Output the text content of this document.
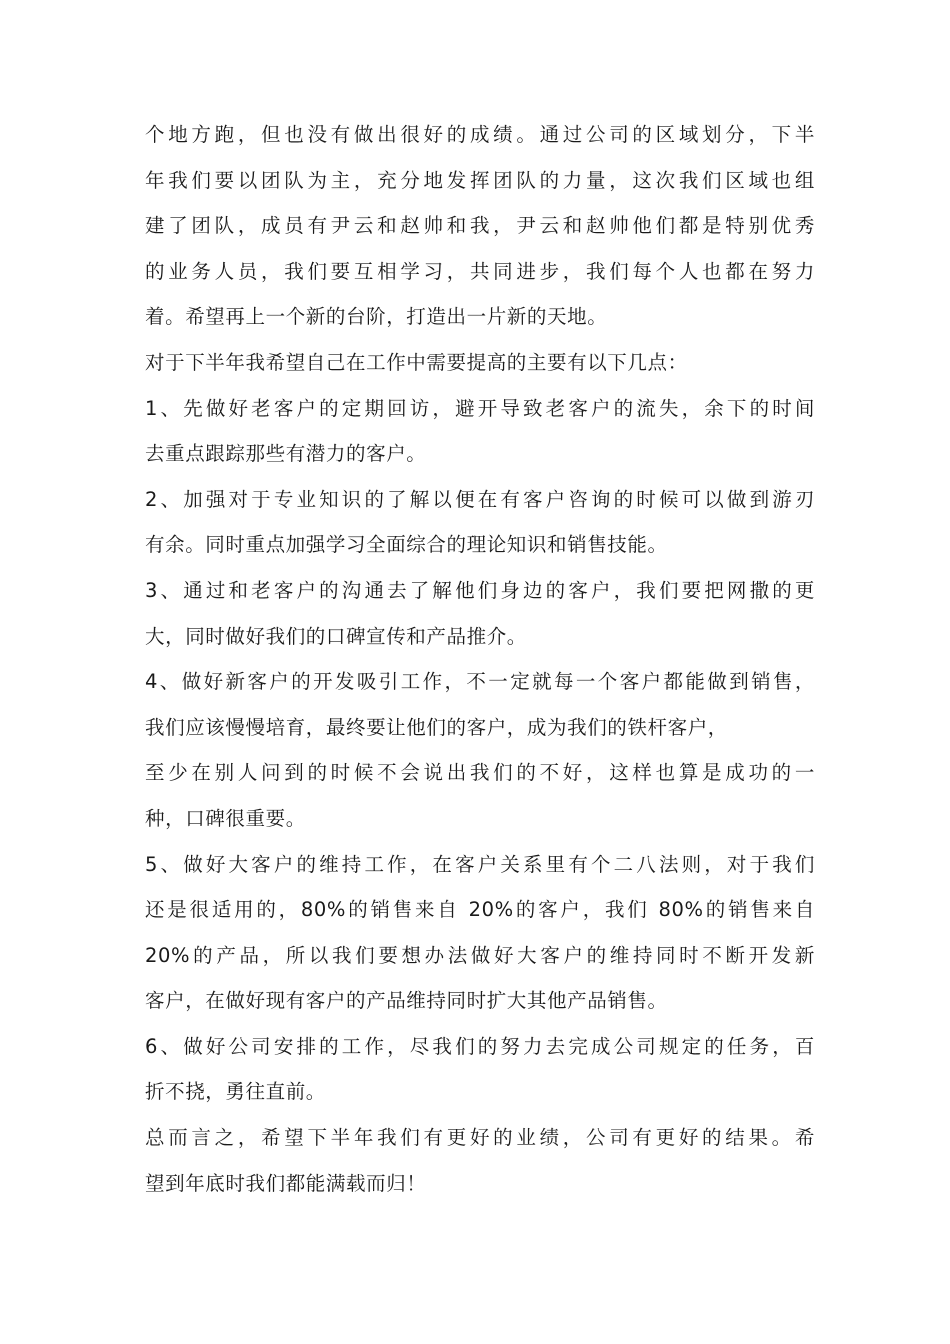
个地方跑，但也没有做出很好的成绩。通过公司的区域划分，下半
年我们要以团队为主，充分地发挥团队的力量，这次我们区域也组
建了团队，成员有尹云和赵帅和我，尹云和赵帅他们都是特别优秀
的业务人员，我们要互相学习，共同进步，我们每个人也都在努力
着。希望再上一个新的台阶，打造出一片新的天地。
对于下半年我希望自己在工作中需要提高的主要有以下几点：
1、先做好老客户的定期回访，避开导致老客户的流失，余下的时间
去重点跟踪那些有潜力的客户。
2、加强对于专业知识的了解以便在有客户咨询的时候可以做到游刃
有余。同时重点加强学习全面综合的理论知识和销售技能。
3、通过和老客户的沟通去了解他们身边的客户，我们要把网撒的更
大，同时做好我们的口碑宣传和产品推介。
4、做好新客户的开发吸引工作，不一定就每一个客户都能做到销售，
我们应该慢慢培育，最终要让他们的客户，成为我们的铁杆客户，
至少在别人问到的时候不会说出我们的不好，这样也算是成功的一
种，口碑很重要。
5、做好大客户的维持工作，在客户关系里有个二八法则，对于我们
还是很适用的，80%的销售来自 20%的客户，我们 80%的销售来自
20%的产品，所以我们要想办法做好大客户的维持同时不断开发新
客户，在做好现有客户的产品维持同时扩大其他产品销售。
6、做好公司安排的工作，尽我们的努力去完成公司规定的任务，百
折不挠，勇往直前。
总而言之，希望下半年我们有更好的业绩，公司有更好的结果。希
望到年底时我们都能满载而归！
